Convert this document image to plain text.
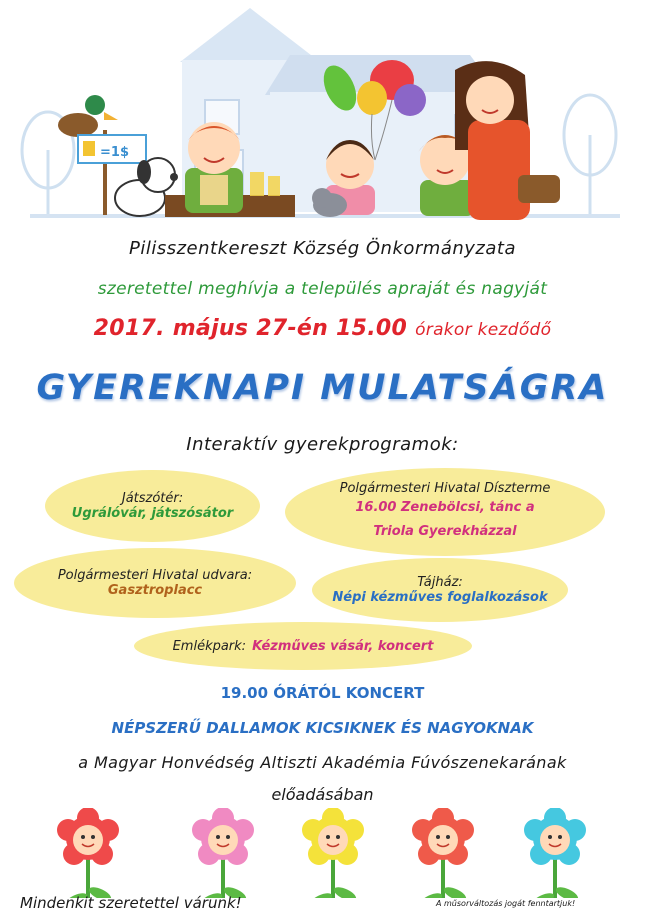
=1$
Pilisszentkereszt Község Önkormányzata
szeretettel meghívja a település apraját és nagyját
2017. május 27-én 15.00 órakor kezdődő
GYEREKNAPI MULATSÁGRA
Interaktív gyerekprogramok:
Játszótér:
Ugrálóvár, játszósátor
Polgármesteri Hivatal Díszterme
16.00 Zenebölcsi, tánc a
Triola Gyerekházzal
Polgármesteri Hivatal udvara:
Gasztroplacc
Tájház:
Népi kézműves foglalkozások
Emlékpark: Kézműves vásár, koncert
19.00 ÓRÁTÓL KONCERT
NÉPSZERŰ DALLAMOK KICSIKNEK ÉS NAGYOKNAK
a Magyar Honvédség Altiszti Akadémia Fúvószenekarának
előadásában
Mindenkit szeretettel várunk!	A műsorváltozás jogát fenntartjuk!
